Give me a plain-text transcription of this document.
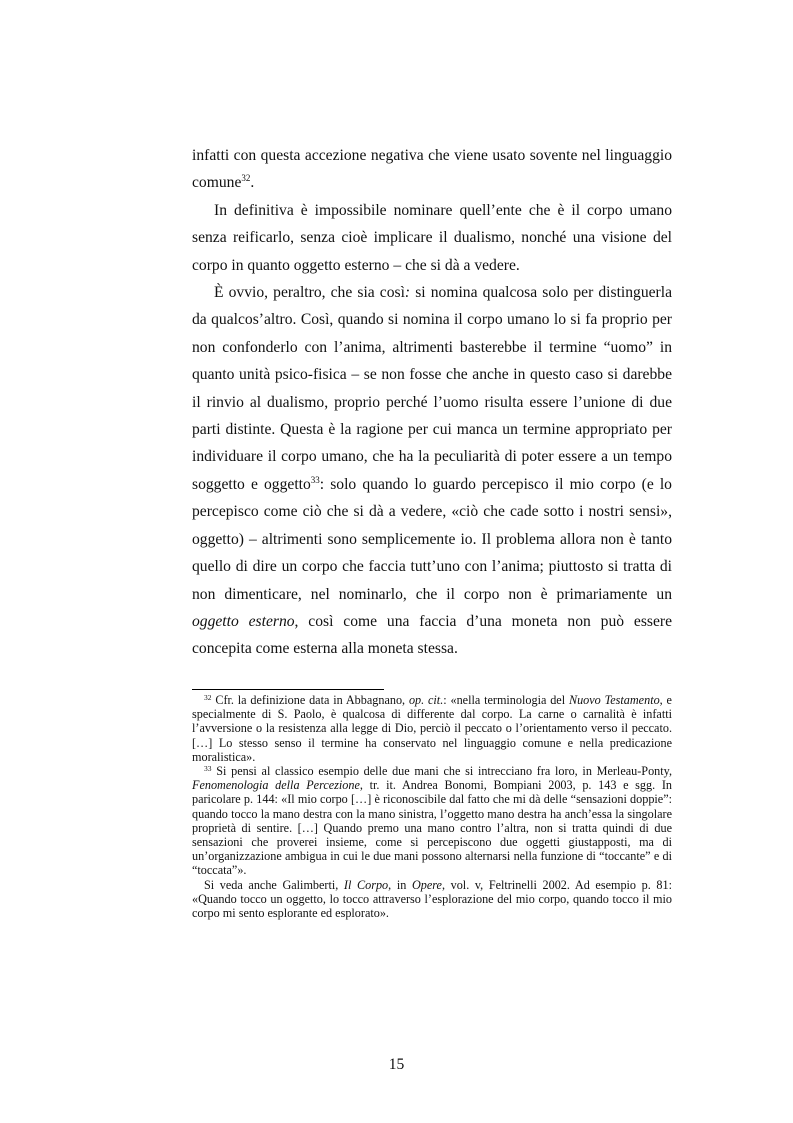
infatti con questa accezione negativa che viene usato sovente nel linguaggio comune$^{32}$.

In definitiva è impossibile nominare quell’ente che è il corpo umano senza reificarlo, senza cioè implicare il dualismo, nonché una visione del corpo in quanto oggetto esterno – che si dà a vedere.

È ovvio, peraltro, che sia così: si nomina qualcosa solo per distinguerla da qualcos’altro. Così, quando si nomina il corpo umano lo si fa proprio per non confonderlo con l’anima, altrimenti basterebbe il termine “uomo” in quanto unità psico-fisica – se non fosse che anche in questo caso si darebbe il rinvio al dualismo, proprio perché l’uomo risulta essere l’unione di due parti distinte. Questa è la ragione per cui manca un termine appropriato per individuare il corpo umano, che ha la peculiarità di poter essere a un tempo soggetto e oggetto$^{33}$: solo quando lo guardo percepisco il mio corpo (e lo percepisco come ciò che si dà a vedere, «ciò che cade sotto i nostri sensi», oggetto) – altrimenti sono semplicemente io. Il problema allora non è tanto quello di dire un corpo che faccia tutt’uno con l’anima; piuttosto si tratta di non dimenticare, nel nominarlo, che il corpo non è primariamente un oggetto esterno, così come una faccia d’una moneta non può essere concepita come esterna alla moneta stessa.

$^{32}$ Cfr. la definizione data in Abbagnano, op. cit.: «nella terminologia del Nuovo Testamento, e specialmente di S. Paolo, è qualcosa di differente dal corpo. La carne o carnalità è infatti l’avversione o la resistenza alla legge di Dio, perciò il peccato o l’orientamento verso il peccato. […] Lo stesso senso il termine ha conservato nel linguaggio comune e nella predicazione moralistica».

$^{33}$ Si pensi al classico esempio delle due mani che si intrecciano fra loro, in Merleau-Ponty, Fenomenologia della Percezione, tr. it. Andrea Bonomi, Bompiani 2003, p. 143 e sgg. In paricolare p. 144: «Il mio corpo […] è riconoscibile dal fatto che mi dà delle “sensazioni doppie”: quando tocco la mano destra con la mano sinistra, l’oggetto mano destra ha anch’essa la singolare proprietà di sentire. […] Quando premo una mano contro l’altra, non si tratta quindi di due sensazioni che proverei insieme, come si percepiscono due oggetti giustapposti, ma di un’organizzazione ambigua in cui le due mani possono alternarsi nella funzione di “toccante” e di “toccata”».

Si veda anche Galimberti, Il Corpo, in Opere, vol. v, Feltrinelli 2002. Ad esempio p. 81: «Quando tocco un oggetto, lo tocco attraverso l’esplorazione del mio corpo, quando tocco il mio corpo mi sento esplorante ed esplorato».

15
